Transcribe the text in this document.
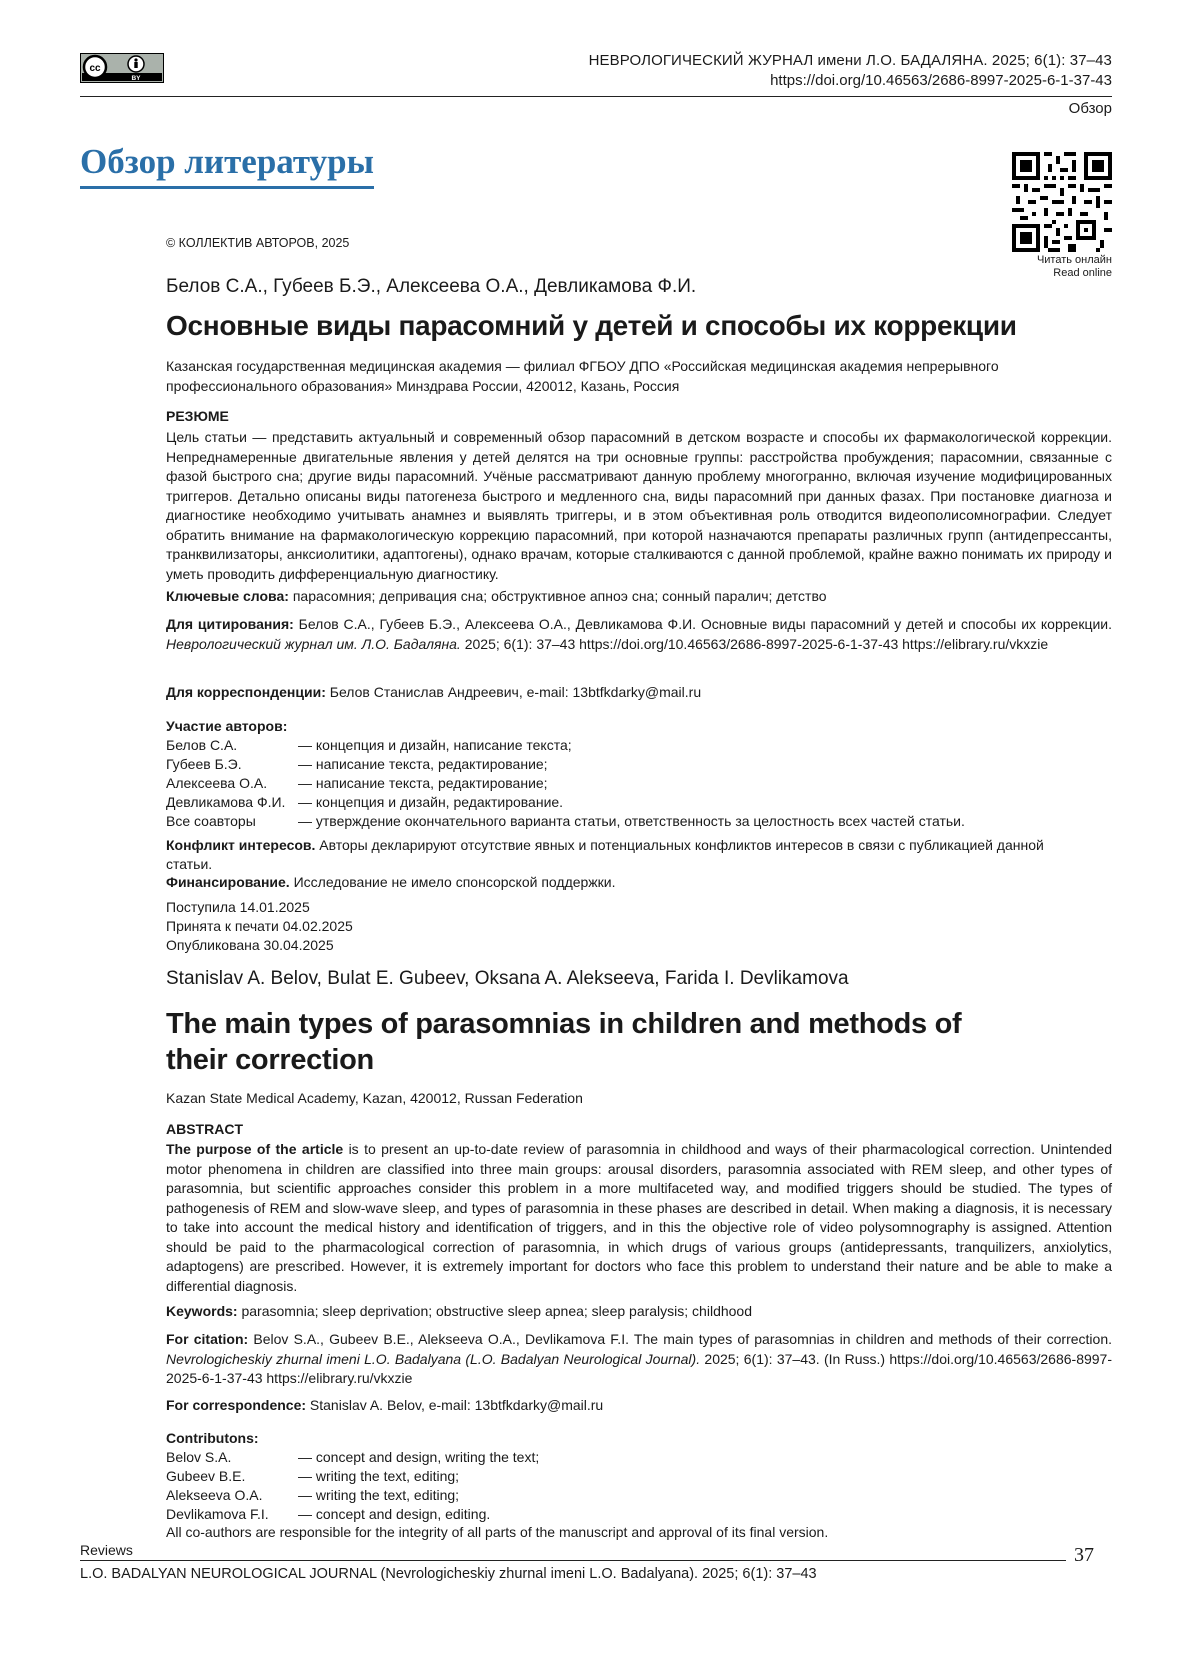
cc
BY
НЕВРОЛОГИЧЕСКИЙ ЖУРНАЛ имени Л.О. БАДАЛЯНА. 2025; 6(1): 37–43
https://doi.org/10.46563/2686-8997-2025-6-1-37-43
Обзор
Обзор литературы
Читать онлайн
Read online
© КОЛЛЕКТИВ АВТОРОВ, 2025
Белов С.А., Губеев Б.Э., Алексеева О.А., Девликамова Ф.И.
Основные виды парасомний у детей и способы их коррекции
Казанская государственная медицинская академия — филиал ФГБОУ ДПО «Российская медицинская академия непрерывного профессионального образования» Минздрава России, 420012, Казань, Россия
РЕЗЮМЕ
Цель статьи — представить актуальный и современный обзор парасомний в детском возрасте и способы их фармакологической коррекции. Непреднамеренные двигательные явления у детей делятся на три основные группы: расстройства пробуждения; парасомнии, связанные с фазой быстрого сна; другие виды парасомний. Учёные рассматривают данную проблему многогранно, включая изучение модифицированных триггеров. Детально описаны виды патогенеза быстрого и медленного сна, виды парасомний при данных фазах. При постановке диагноза и диагностике необходимо учитывать анамнез и выявлять триггеры, и в этом объективная роль отводится видеополисомнографии. Следует обратить внимание на фармакологическую коррекцию парасомний, при которой назначаются препараты различных групп (антидепрессанты, транквилизаторы, анксиолитики, адаптогены), однако врачам, которые сталкиваются с данной проблемой, крайне важно понимать их природу и уметь проводить дифференциальную диагностику.
Ключевые слова: парасомния; депривация сна; обструктивное апноэ сна; сонный паралич; детство
Для цитирования: Белов С.А., Губеев Б.Э., Алексеева О.А., Девликамова Ф.И. Основные виды парасомний у детей и способы их коррекции. Неврологический журнал им. Л.О. Бадаляна. 2025; 6(1): 37–43 https://doi.org/10.46563/2686-8997-2025-6-1-37-43 https://elibrary.ru/vkxzie
Для корреспонденции: Белов Станислав Андреевич, e-mail: 13btfkdarky@mail.ru
Участие авторов:
Белов С.А.	— концепция и дизайн, написание текста;
Губеев Б.Э.	— написание текста, редактирование;
Алексеева О.А.	— написание текста, редактирование;
Девликамова Ф.И. — концепция и дизайн, редактирование.
Все соавторы	— утверждение окончательного варианта статьи, ответственность за целостность всех частей статьи.
Конфликт интересов. Авторы декларируют отсутствие явных и потенциальных конфликтов интересов в связи с публикацией данной статьи.
Финансирование. Исследование не имело спонсорской поддержки.
Поступила 14.01.2025
Принята к печати 04.02.2025
Опубликована 30.04.2025
Stanislav A. Belov, Bulat E. Gubeev, Oksana A. Alekseeva, Farida I. Devlikamova
The main types of parasomnias in children and methods of their correction
Kazan State Medical Academy, Kazan, 420012, Russan Federation
ABSTRACT
The purpose of the article is to present an up-to-date review of parasomnia in childhood and ways of their pharmacological correction. Unintended motor phenomena in children are classified into three main groups: arousal disorders, parasomnia associated with REM sleep, and other types of parasomnia, but scientific approaches consider this problem in a more multifaceted way, and modified triggers should be studied. The types of pathogenesis of REM and slow-wave sleep, and types of parasomnia in these phases are described in detail. When making a diagnosis, it is necessary to take into account the medical history and identification of triggers, and in this the objective role of video polysomnography is assigned. Attention should be paid to the pharmacological correction of parasomnia, in which drugs of various groups (antidepressants, tranquilizers, anxiolytics, adaptogens) are prescribed. However, it is extremely important for doctors who face this problem to understand their nature and be able to make a differential diagnosis.
Keywords: parasomnia; sleep deprivation; obstructive sleep apnea; sleep paralysis; childhood
For citation: Belov S.A., Gubeev B.E., Alekseeva O.A., Devlikamova F.I. The main types of parasomnias in children and methods of their correction. Nevrologicheskiy zhurnal imeni L.O. Badalyana (L.O. Badalyan Neurological Journal). 2025; 6(1): 37–43. (In Russ.) https://doi.org/10.46563/2686-8997-2025-6-1-37-43 https://elibrary.ru/vkxzie
For correspondence: Stanislav A. Belov, e-mail: 13btfkdarky@mail.ru
Contributons:
Belov S.A.	— concept and design, writing the text;
Gubeev B.E.	— writing the text, editing;
Alekseeva O.A.	— writing the text, editing;
Devlikamova F.I.	— concept and design, editing.
All co-authors are responsible for the integrity of all parts of the manuscript and approval of its final version.
Reviews	37
L.O. BADALYAN NEUROLOGICAL JOURNAL (Nevrologicheskiy zhurnal imeni L.O. Badalyana). 2025; 6(1): 37–43
